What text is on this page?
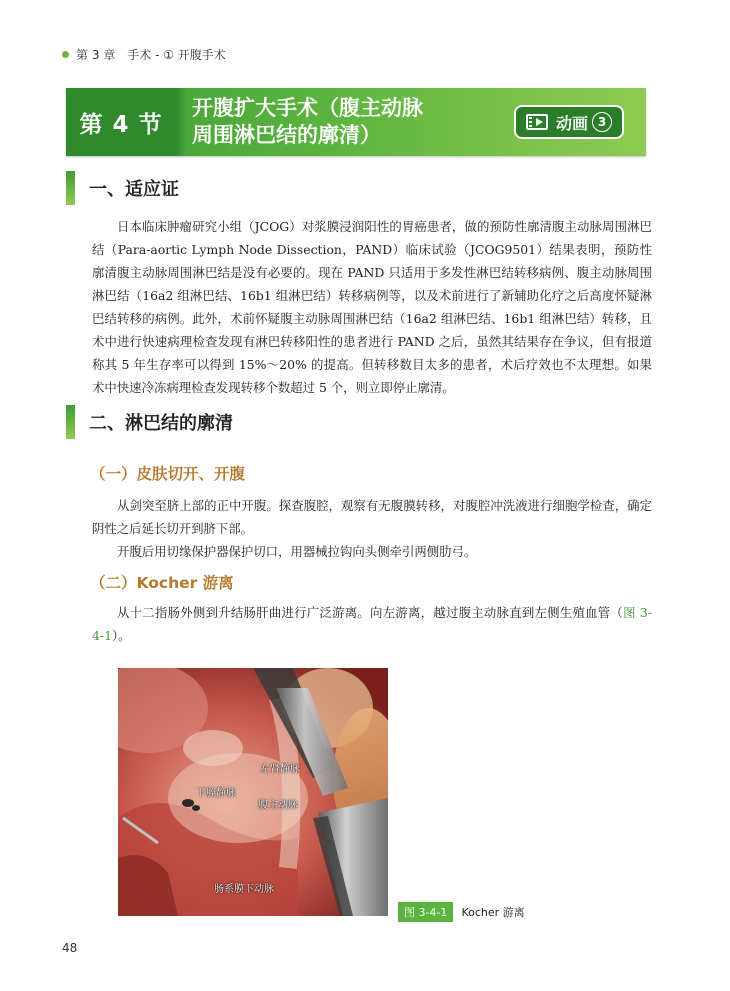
第 3 章　手术 - ① 开腹手术
第 4 节
开腹扩大手术（腹主动脉
周围淋巴结的廓清）	动画 3
一、适应证

日本临床肿瘤研究小组（JCOG）对浆膜浸润阳性的胃癌患者，做的预防性廓清腹主动脉周围淋巴结（Para-aortic Lymph Node Dissection，PAND）临床试验（JCOG9501）结果表明，预防性廓清腹主动脉周围淋巴结是没有必要的。现在 PAND 只适用于多发性淋巴结转移病例、腹主动脉周围淋巴结（16a2 组淋巴结、16b1 组淋巴结）转移病例等，以及术前进行了新辅助化疗之后高度怀疑淋巴结转移的病例。此外，术前怀疑腹主动脉周围淋巴结（16a2 组淋巴结、16b1 组淋巴结）转移，且术中进行快速病理检查发现有淋巴转移阳性的患者进行 PAND 之后，虽然其结果存在争议，但有报道称其 5 年生存率可以得到 15%～20% 的提高。但转移数目太多的患者，术后疗效也不太理想。如果术中快速冷冻病理检查发现转移个数超过 5 个，则立即停止廓清。

二、淋巴结的廓清
（一）皮肤切开、开腹

从剑突至脐上部的正中开腹。探查腹腔，观察有无腹膜转移，对腹腔冲洗液进行细胞学检查，确定阴性之后延长切开到脐下部。

开腹后用切缘保护器保护切口，用器械拉钩向头侧牵引两侧肋弓。

（二）Kocher 游离

从十二指肠外侧到升结肠肝曲进行广泛游离。向左游离，越过腹主动脉直到左侧生殖血管（图 3-4-1）。

左肾静脉
下腔静脉
腹主动脉
肠系膜下动脉
图 3-4-1	Kocher 游离
48
